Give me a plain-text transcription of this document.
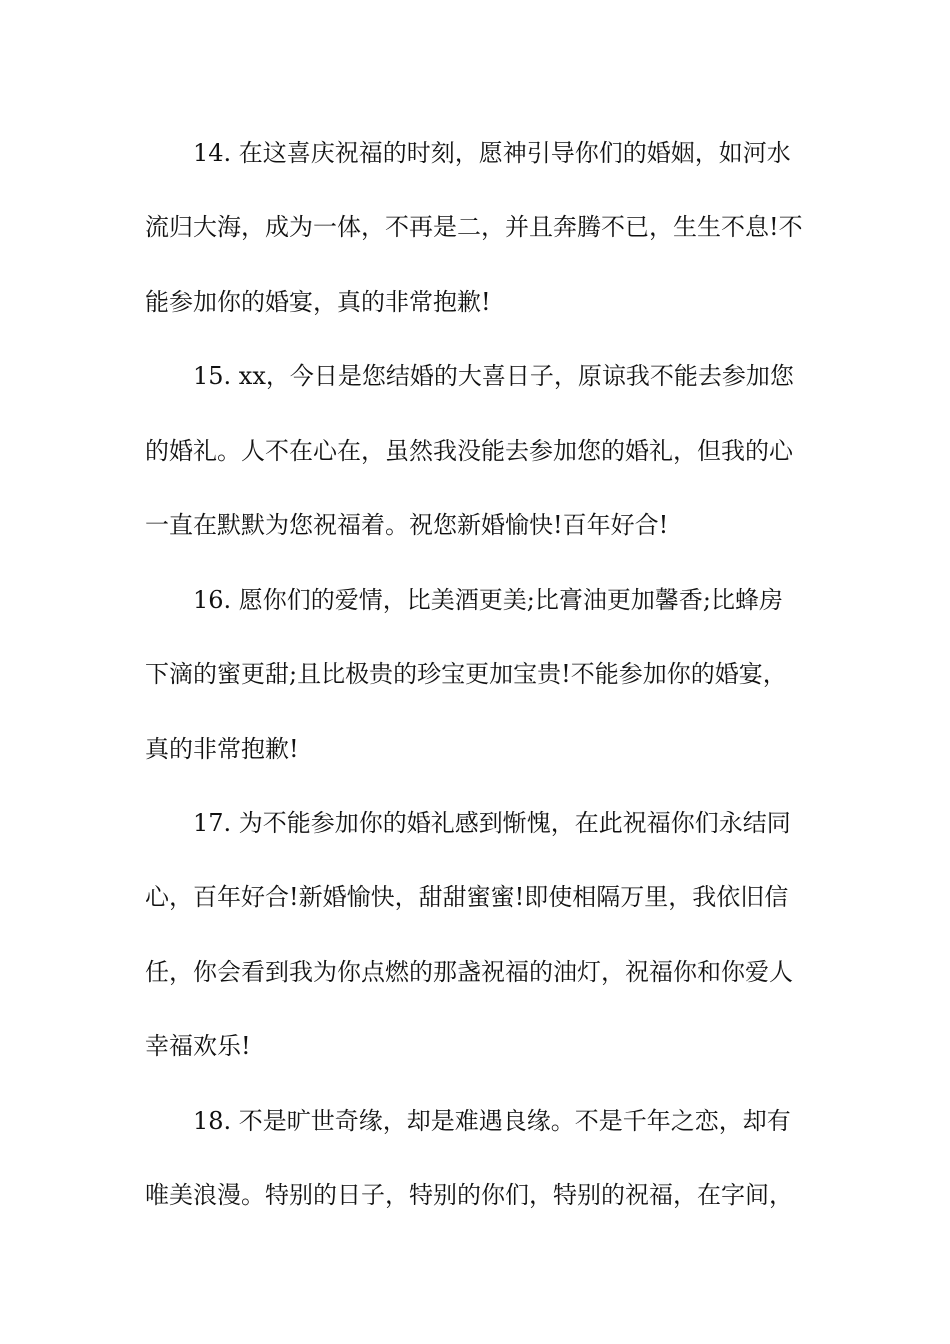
14. 在这喜庆祝福的时刻，愿神引导你们的婚姻，如河水
流归大海，成为一体，不再是二，并且奔腾不已，生生不息!不
能参加你的婚宴，真的非常抱歉!
15. xx，今日是您结婚的大喜日子，原谅我不能去参加您
的婚礼。人不在心在，虽然我没能去参加您的婚礼，但我的心
一直在默默为您祝福着。祝您新婚愉快!百年好合!
16. 愿你们的爱情，比美酒更美;比膏油更加馨香;比蜂房
下滴的蜜更甜;且比极贵的珍宝更加宝贵!不能参加你的婚宴，
真的非常抱歉!
17. 为不能参加你的婚礼感到惭愧，在此祝福你们永结同
心，百年好合!新婚愉快，甜甜蜜蜜!即使相隔万里，我依旧信
任，你会看到我为你点燃的那盏祝福的油灯，祝福你和你爱人
幸福欢乐!
18. 不是旷世奇缘，却是难遇良缘。不是千年之恋，却有
唯美浪漫。特别的日子，特别的你们，特别的祝福，在字间，
